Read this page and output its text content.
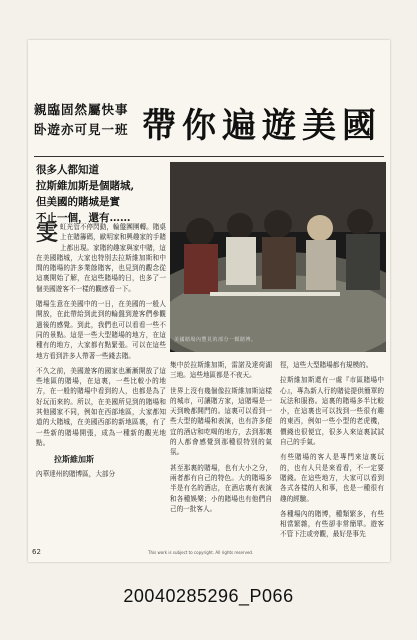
親臨固然屬快事
卧遊亦可見一班 帶你遍遊美國
很多人都知道
拉斯維加斯是個賭城,
但美國的賭城是實
不止一個，還有……
美國賭場內豐見的部分一顆賭博。

雯虹光管不停閃動，輪盤團團轉。賭桌上在賭籌碼，歐明家和興趣家的手賭上都出現。家賭的趣家與家中賭，這在美國賭城，大家也特別去拉斯維加斯和中間的賭場的許多業餘賭客，也見到的觀念從這裏開始了解，在這些賭場的日，也多了一個美國遊客不一樣的觀感看一下。

賭場生意在美國中的一日，在美國的一般人開放，在此帶給到此到的輪盤到遊客們參觀過後的感覺。到此，我們也可以看看一些不同的景點。這是一些大型賭場的地方，在這種有的地方，大家都有點緊張。可以在這些地方看到許多人帶著一些錢去賭。

不久之前，美國遊客的國家也漸漸開放了這些地區的賭場，在這裏，一些比較小的地方，在一般的賭場中看到的人，也都是為了好玩而來的。所以，在美國所見到的賭場和其他國家不同，例如在西部地區，大家都知道的大賭城，在美國西部的新地區裏，有了一些新的賭場開張，成為一種新的觀光地點。

拉斯維加斯

內華達州的賭博區，大部分

集中於拉斯維加斯，雷諾及達荷湖三地。這些地區都是不夜天。

世界上沒有幾個像拉斯維加斯這樣的城市，可讓賭方家，這賭場是一天到晚都開門的。這裏可以看到一些大型的賭場和表演，也有許多便宜的酒店和吃喝的地方，去到那裏的人都會感覺到那種很特別的氣氛。

甚至那裏的賭場，也有大小之分，兩者都有自己的特色。大的賭場多半是有名的酒店，在酒店裏有表演和各種娛樂；小的賭場也有他們自己的一批客人。

徑，這些大型賭場都有規模的。

拉斯維加斯還有一處『市區賭場中心』，專為新人行的賭徒提供簡單的玩法和服務。這裏的賭場多半比較小，在這裏也可以找到一些很有趣的東西，例如一些小型的老虎機，價錢也很便宜，很多人來這裏試試自己的手氣。

有些賭場的客人是專門來這裏玩的，也有人只是來看看，不一定要賭錢。在這些地方，大家可以看到各式各樣的人和事，也是一種很有趣的經驗。

各種場內的賭博，種類繁多，有些相當繁雜，有些卻非常簡單。遊客不管下注或旁觀，最好是事先

62	This work is subject to copyright. All rights reserved.
20040285296_P066
